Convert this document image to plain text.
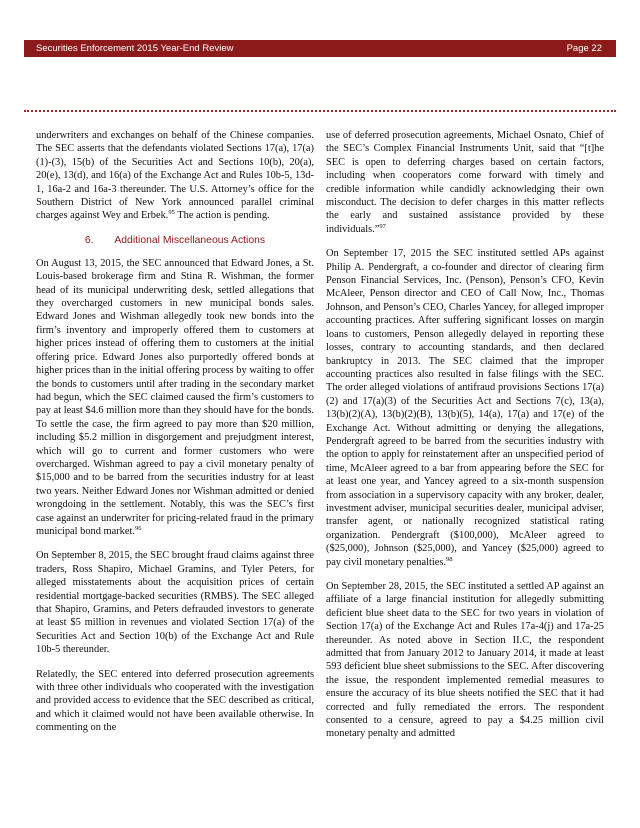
Securities Enforcement 2015 Year-End Review	Page 22

underwriters and exchanges on behalf of the Chinese companies. The SEC asserts that the defendants violated Sections 17(a), 17(a)(1)-(3), 15(b) of the Securities Act and Sections 10(b), 20(a), 20(e), 13(d), and 16(a) of the Exchange Act and Rules 10b-5, 13d-1, 16a-2 and 16a-3 thereunder. The U.S. Attorney’s office for the Southern District of New York announced parallel criminal charges against Wey and Erbek.$^{95}$ The action is pending.

6.  Additional Miscellaneous Actions

On August 13, 2015, the SEC announced that Edward Jones, a St. Louis-based brokerage firm and Stina R. Wishman, the former head of its municipal underwriting desk, settled allegations that they overcharged customers in new municipal bonds sales. Edward Jones and Wishman allegedly took new bonds into the firm’s inventory and improperly offered them to customers at higher prices instead of offering them to customers at the initial offering price. Edward Jones also purportedly offered bonds at higher prices than in the initial offering process by waiting to offer the bonds to customers until after trading in the secondary market had begun, which the SEC claimed caused the firm’s customers to pay at least $4.6 million more than they should have for the bonds. To settle the case, the firm agreed to pay more than $20 million, including $5.2 million in disgorgement and prejudgment interest, which will go to current and former customers who were overcharged. Wishman agreed to pay a civil monetary penalty of $15,000 and to be barred from the securities industry for at least two years. Neither Edward Jones nor Wishman admitted or denied wrongdoing in the settlement. Notably, this was the SEC’s first case against an underwriter for pricing-related fraud in the primary municipal bond market.$^{96}$

On September 8, 2015, the SEC brought fraud claims against three traders, Ross Shapiro, Michael Gramins, and Tyler Peters, for alleged misstatements about the acquisition prices of certain residential mortgage-backed securities (RMBS). The SEC alleged that Shapiro, Gramins, and Peters defrauded investors to generate at least $5 million in revenues and violated Section 17(a) of the Securities Act and Section 10(b) of the Exchange Act and Rule 10b-5 thereunder.

Relatedly, the SEC entered into deferred prosecution agreements with three other individuals who cooperated with the investigation and provided access to evidence that the SEC described as critical, and which it claimed would not have been available otherwise. In commenting on the

use of deferred prosecution agreements, Michael Osnato, Chief of the SEC’s Complex Financial Instruments Unit, said that “[t]he SEC is open to deferring charges based on certain factors, including when cooperators come forward with timely and credible information while candidly acknowledging their own misconduct. The decision to defer charges in this matter reflects the early and sustained assistance provided by these individuals.”$^{97}$

On September 17, 2015 the SEC instituted settled APs against Philip A. Pendergraft, a co-founder and director of clearing firm Penson Financial Services, Inc. (Penson), Penson’s CFO, Kevin McAleer, Penson director and CEO of Call Now, Inc., Thomas Johnson, and Penson’s CEO, Charles Yancey, for alleged improper accounting practices. After suffering significant losses on margin loans to customers, Penson allegedly delayed in reporting these losses, contrary to accounting standards, and then declared bankruptcy in 2013. The SEC claimed that the improper accounting practices also resulted in false filings with the SEC. The order alleged violations of antifraud provisions Sections 17(a)(2) and 17(a)(3) of the Securities Act and Sections 7(c), 13(a), 13(b)(2)(A), 13(b)(2)(B), 13(b)(5), 14(a), 17(a) and 17(e) of the Exchange Act. Without admitting or denying the allegations, Pendergraft agreed to be barred from the securities industry with the option to apply for reinstatement after an unspecified period of time, McAleer agreed to a bar from appearing before the SEC for at least one year, and Yancey agreed to a six-month suspension from association in a supervisory capacity with any broker, dealer, investment adviser, municipal securities dealer, municipal adviser, transfer agent, or nationally recognized statistical rating organization. Pendergraft ($100,000), McAleer agreed to ($25,000), Johnson ($25,000), and Yancey ($25,000) agreed to pay civil monetary penalties.$^{98}$

On September 28, 2015, the SEC instituted a settled AP against an affiliate of a large financial institution for allegedly submitting deficient blue sheet data to the SEC for two years in violation of Section 17(a) of the Exchange Act and Rules 17a-4(j) and 17a-25 thereunder. As noted above in Section II.C, the respondent admitted that from January 2012 to January 2014, it made at least 593 deficient blue sheet submissions to the SEC. After discovering the issue, the respondent implemented remedial measures to ensure the accuracy of its blue sheets notified the SEC that it had corrected and fully remediated the errors. The respondent consented to a censure, agreed to pay a $4.25 million civil monetary penalty and admitted
